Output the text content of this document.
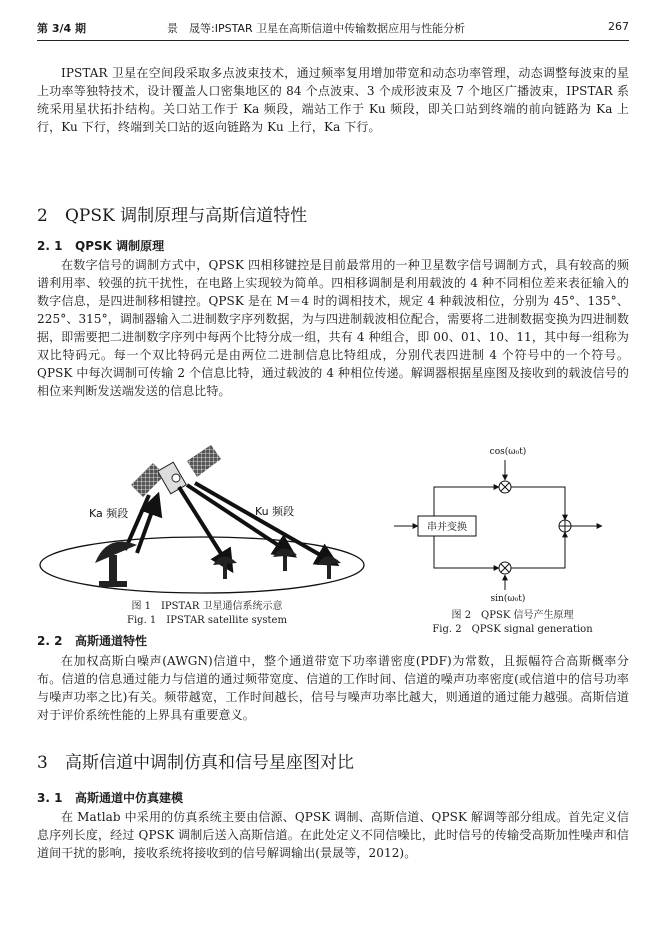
第 3/4 期	景　晟等:IPSTAR 卫星在高斯信道中传输数据应用与性能分析	267

IPSTAR 卫星在空间段采取多点波束技术，通过频率复用增加带宽和动态功率管理，动态调整每波束的星上功率等独特技术，设计覆盖人口密集地区的 84 个点波束、3 个成形波束及 7 个地区广播波束，IPSTAR 系统采用星状拓扑结构。关口站工作于 Ka 频段，端站工作于 Ku 频段，即关口站到终端的前向链路为 Ka 上行，Ku 下行，终端到关口站的返向链路为 Ku 上行，Ka 下行。

2 QPSK 调制原理与高斯信道特性
2. 1 QPSK 调制原理

在数字信号的调制方式中，QPSK 四相移键控是目前最常用的一种卫星数字信号调制方式，具有较高的频谱利用率、较强的抗干扰性，在电路上实现较为简单。四相移调制是利用载波的 4 种不同相位差来表征输入的数字信息，是四进制移相键控。QPSK 是在 M＝4 时的调相技术，规定 4 种载波相位，分别为 45°、135°、225°、315°，调制器输入二进制数字序列数据，为与四进制载波相位配合，需要将二进制数据变换为四进制数据，即需要把二进制数字序列中每两个比特分成一组，共有 4 种组合，即 00、01、10、11，其中每一组称为双比特码元。每一个双比特码元是由两位二进制信息比特组成，分别代表四进制 4 个符号中的一个符号。QPSK 中每次调制可传输 2 个信息比特，通过载波的 4 种相位传递。解调器根据星座图及接收到的载波信号的相位来判断发送端发送的信息比特。

Ka 频段	Ku 频段
图 1　IPSTAR 卫星通信系统示意
Fig. 1　IPSTAR satellite system
cos(ω₀t)
串并变换
sin(ω₀t)
图 2　QPSK 信号产生原理
Fig. 2　QPSK signal generation
2. 2 高斯通道特性

在加权高斯白噪声(AWGN)信道中，整个通道带宽下功率谱密度(PDF)为常数，且振幅符合高斯概率分布。信道的信息通过能力与信道的通过频带宽度、信道的工作时间、信道的噪声功率密度(或信道中的信号功率与噪声功率之比)有关。频带越宽，工作时间越长，信号与噪声功率比越大，则通道的通过能力越强。高斯信道对于评价系统性能的上界具有重要意义。

3 高斯信道中调制仿真和信号星座图对比
3. 1 高斯通道中仿真建模

在 Matlab 中采用的仿真系统主要由信源、QPSK 调制、高斯信道、QPSK 解调等部分组成。首先定义信息序列长度，经过 QPSK 调制后送入高斯信道。在此处定义不同信噪比，此时信号的传输受高斯加性噪声和信道间干扰的影响，接收系统将接收到的信号解调输出(景晟等，2012)。
